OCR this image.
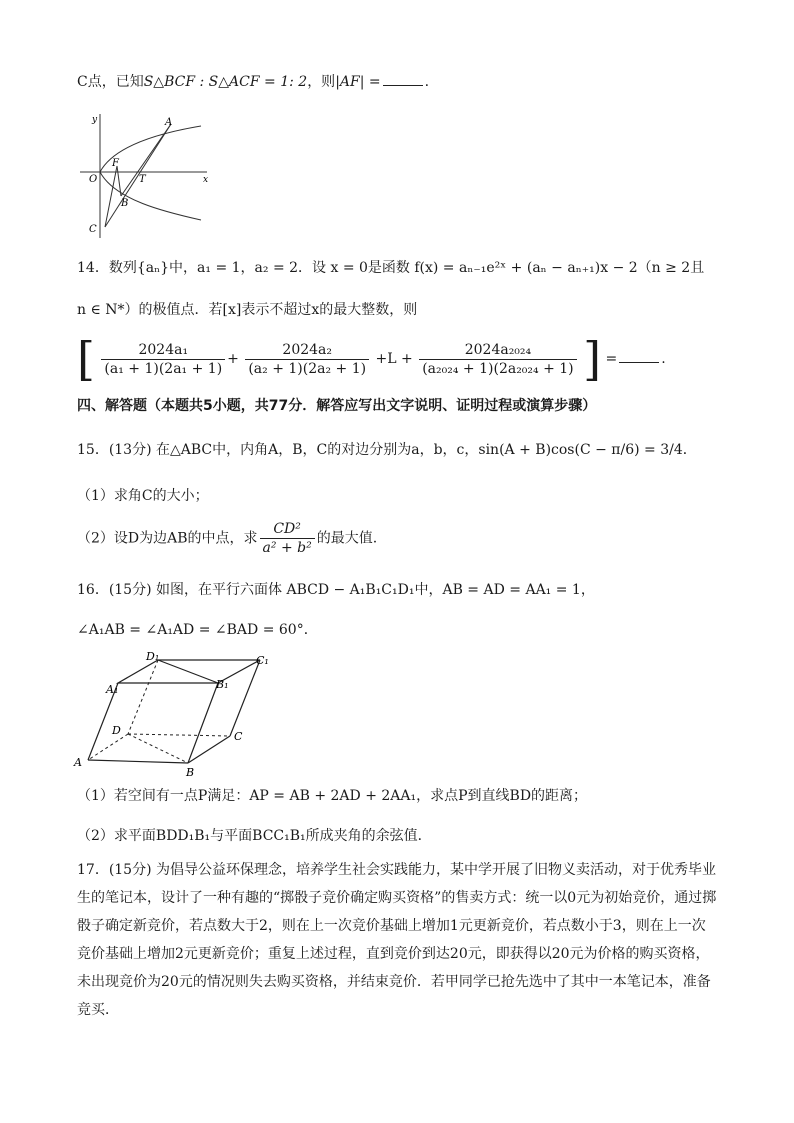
C点，已知S△BCF : S△ACF = 1: 2，则|AF| =	.
y
x
O
A
F
T
B
C
14．数列{aₙ}中，a₁ = 1，a₂ = 2．设 x = 0是函数 f(x) = aₙ₋₁e²ˣ + (aₙ − aₙ₊₁)x − 2（n ≥ 2且
n ∈ N*）的极值点．若[x]表示不超过x的最大整数，则
[ $\frac{\text{2024a₁}}{\text{(a₁ + 1)(2a₁ + 1)}} + \frac{\text{2024a₂}}{\text{(a₂ + 1)(2a₂ + 1)}} +L + \frac{\text{2024a₂₀₂₄}}{\text{(a₂₀₂₄ + 1)(2a₂₀₂₄ + 1)}}$ ] =	.
四、解答题（本题共5小题，共77分．解答应写出文字说明、证明过程或演算步骤）
15．(13分) 在△ABC中，内角A，B，C的对边分别为a，b，c，sin(A + B)cos(C − π/6) = 3/4．
（1）求角C的大小；
（2）设D为边AB的中点，求 $\frac{\text{CD²}}{\text{a² + b²}}$ 的最大值.
16．(15分) 如图，在平行六面体 ABCD − A₁B₁C₁D₁中，AB = AD = AA₁ = 1，
∠A₁AB = ∠A₁AD = ∠BAD = 60°．
D₁	C₁
A₁	B₁
D	C
A
B
（1）若空间有一点P满足：AP = AB + 2AD + 2AA₁，求点P到直线BD的距离；
（2）求平面BDD₁B₁与平面BCC₁B₁所成夹角的余弦值．
17．(15分) 为倡导公益环保理念，培养学生社会实践能力，某中学开展了旧物义卖活动，对于优秀毕业生的笔记本，设计了一种有趣的“掷骰子竞价确定购买资格”的售卖方式：统一以0元为初始竞价，通过掷骰子确定新竞价，若点数大于2，则在上一次竞价基础上增加1元更新竞价，若点数小于3，则在上一次竞价基础上增加2元更新竞价；重复上述过程，直到竞价到达20元，即获得以20元为价格的购买资格，未出现竞价为20元的情况则失去购买资格，并结束竞价．若甲同学已抢先选中了其中一本笔记本，准备竞买．
